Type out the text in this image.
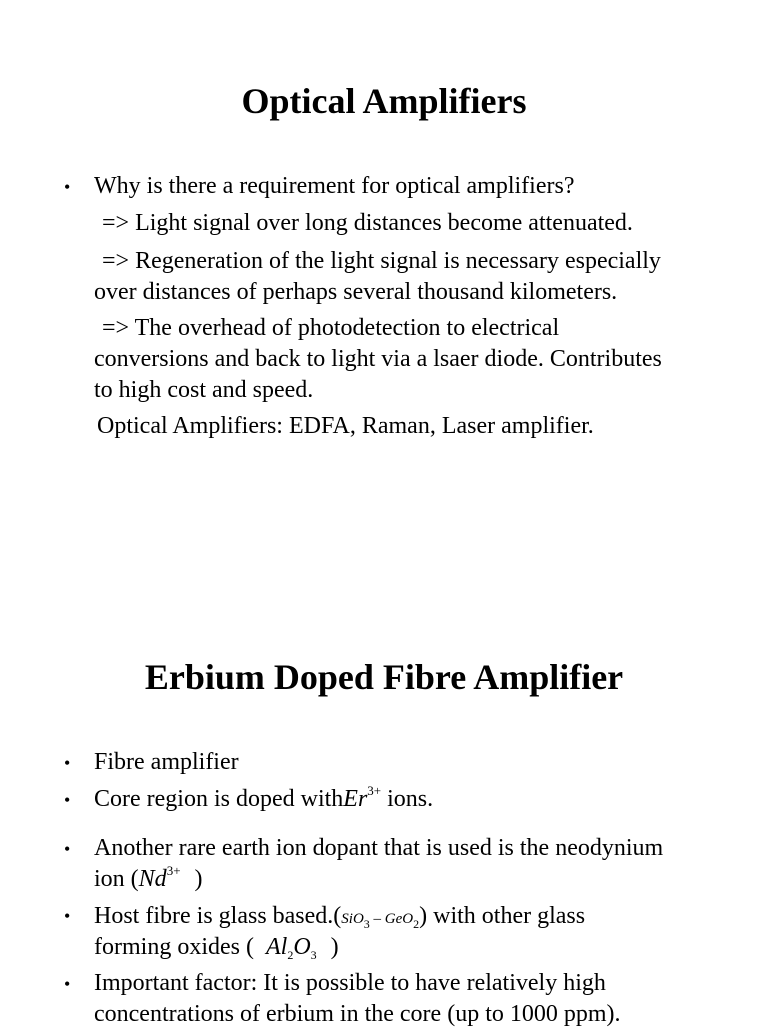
Optical Amplifiers
• Why is there a requirement for optical amplifiers?

=> Light signal over long distances become attenuated.

=> Regeneration of the light signal is necessary especially

over distances of perhaps several thousand kilometers.

=> The overhead of photodetection to electrical

conversions and back to light via a lsaer diode. Contributes

to high cost and speed.

Optical Amplifiers: EDFA, Raman, Laser amplifier.

Erbium Doped Fibre Amplifier
• Fibre amplifier

• Core region is doped withEr$^{3+}$ ions.

• Another rare earth ion dopant that is used is the neodynium

ion ($Nd^{3+}$ )

• Host fibre is glass based.(SiO$_3$ – GeO$_2$) with other glass

forming oxides ( $Al_2O_3$ )

• Important factor: It is possible to have relatively high

concentrations of erbium in the core (up to 1000 ppm).
